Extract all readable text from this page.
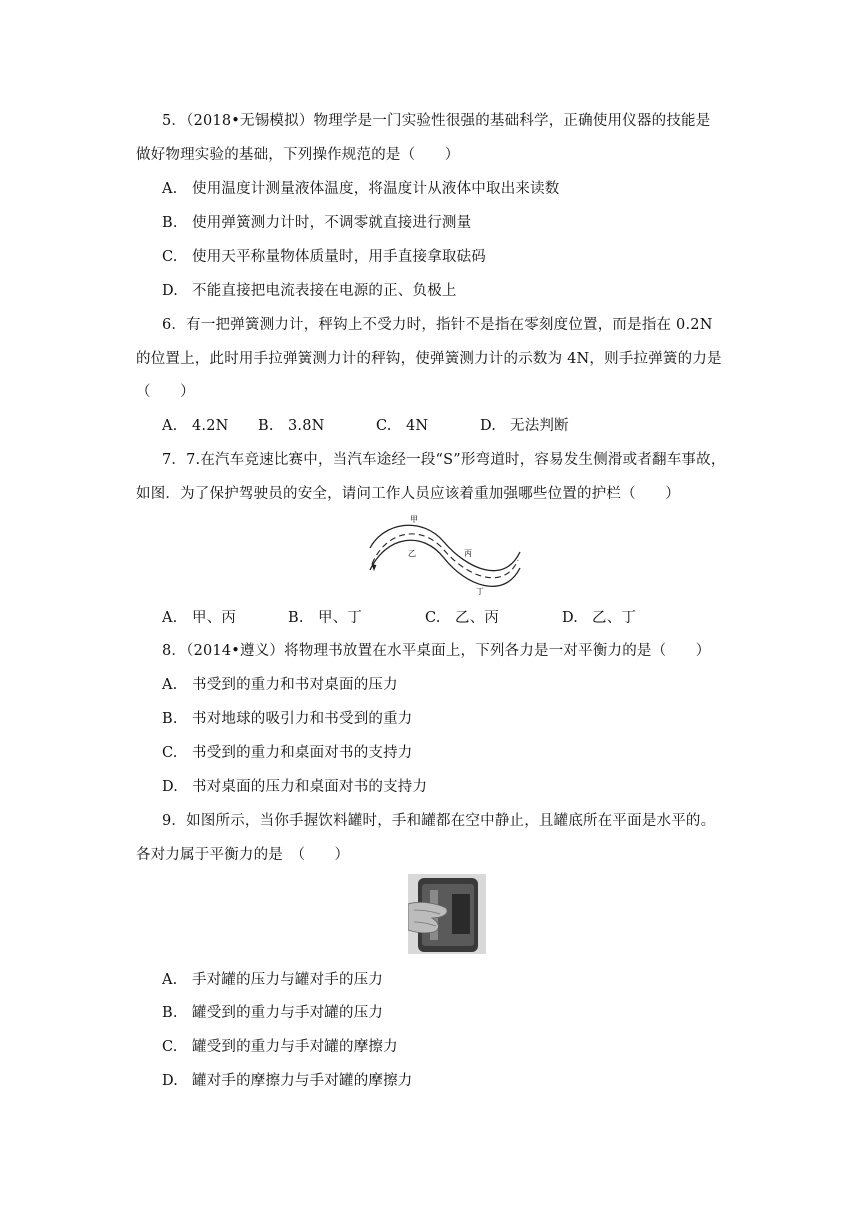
5．（2018•无锡模拟）物理学是一门实验性很强的基础科学，正确使用仪器的技能是
做好物理实验的基础，下列操作规范的是（　　）
A. 使用温度计测量液体温度，将温度计从液体中取出来读数
B. 使用弹簧测力计时，不调零就直接进行测量
C. 使用天平称量物体质量时，用手直接拿取砝码
D. 不能直接把电流表接在电源的正、负极上
6．有一把弹簧测力计，秤钩上不受力时，指针不是指在零刻度位置，而是指在 0.2N
的位置上，此时用手拉弹簧测力计的秤钩，使弹簧测力计的示数为 4N，则手拉弹簧的力是
（　　）
A. 4.2N B. 3.8N	C. 4N	D. 无法判断
7．7.在汽车竞速比赛中，当汽车途经一段“S”形弯道时，容易发生侧滑或者翻车事故，
如图．为了保护驾驶员的安全，请问工作人员应该着重加强哪些位置的护栏（　　）
甲
乙	丙
丁
A. 甲、丙	B. 甲、丁	C. 乙、丙	D. 乙、丁
8．（2014•遵义）将物理书放置在水平桌面上，下列各力是一对平衡力的是（　　）
A. 书受到的重力和书对桌面的压力
B. 书对地球的吸引力和书受到的重力
C. 书受到的重力和桌面对书的支持力
D. 书对桌面的压力和桌面对书的支持力
9．如图所示，当你手握饮料罐时，手和罐都在空中静止，且罐底所在平面是水平的。
各对力属于平衡力的是　（　　）
A. 手对罐的压力与罐对手的压力
B. 罐受到的重力与手对罐的压力
C. 罐受到的重力与手对罐的摩擦力
D. 罐对手的摩擦力与手对罐的摩擦力
